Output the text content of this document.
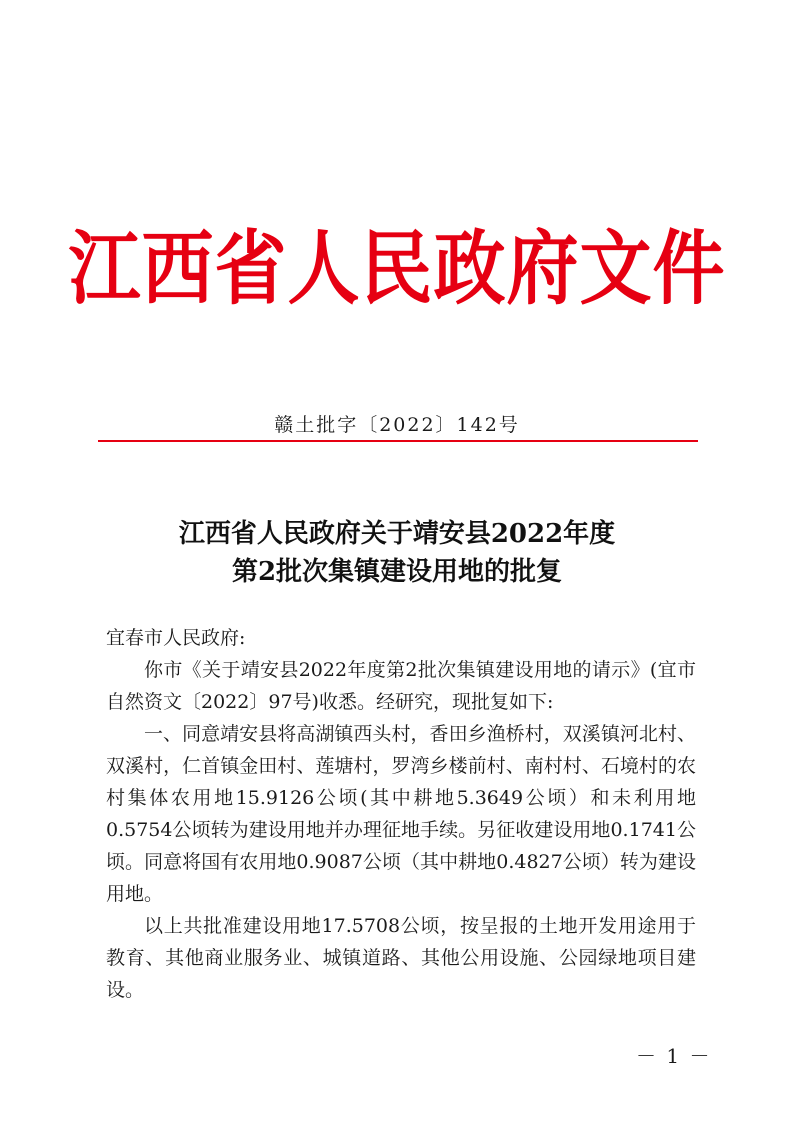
江西省人民政府文件
赣土批字〔2022〕142号
江西省人民政府关于靖安县2022年度
第2批次集镇建设用地的批复

宜春市人民政府:

你市《关于靖安县2022年度第2批次集镇建设用地的请示》(宜市自然资文〔2022〕97号)收悉。经研究，现批复如下:

一、同意靖安县将高湖镇西头村，香田乡渔桥村，双溪镇河北村、双溪村，仁首镇金田村、莲塘村，罗湾乡楼前村、南村村、石境村的农村集体农用地15.9126公顷(其中耕地5.3649公顷）和未利用地0.5754公顷转为建设用地并办理征地手续。另征收建设用地0.1741公顷。同意将国有农用地0.9087公顷（其中耕地0.4827公顷）转为建设用地。

以上共批准建设用地17.5708公顷，按呈报的土地开发用途用于教育、其他商业服务业、城镇道路、其他公用设施、公园绿地项目建设。

－ 1 －
